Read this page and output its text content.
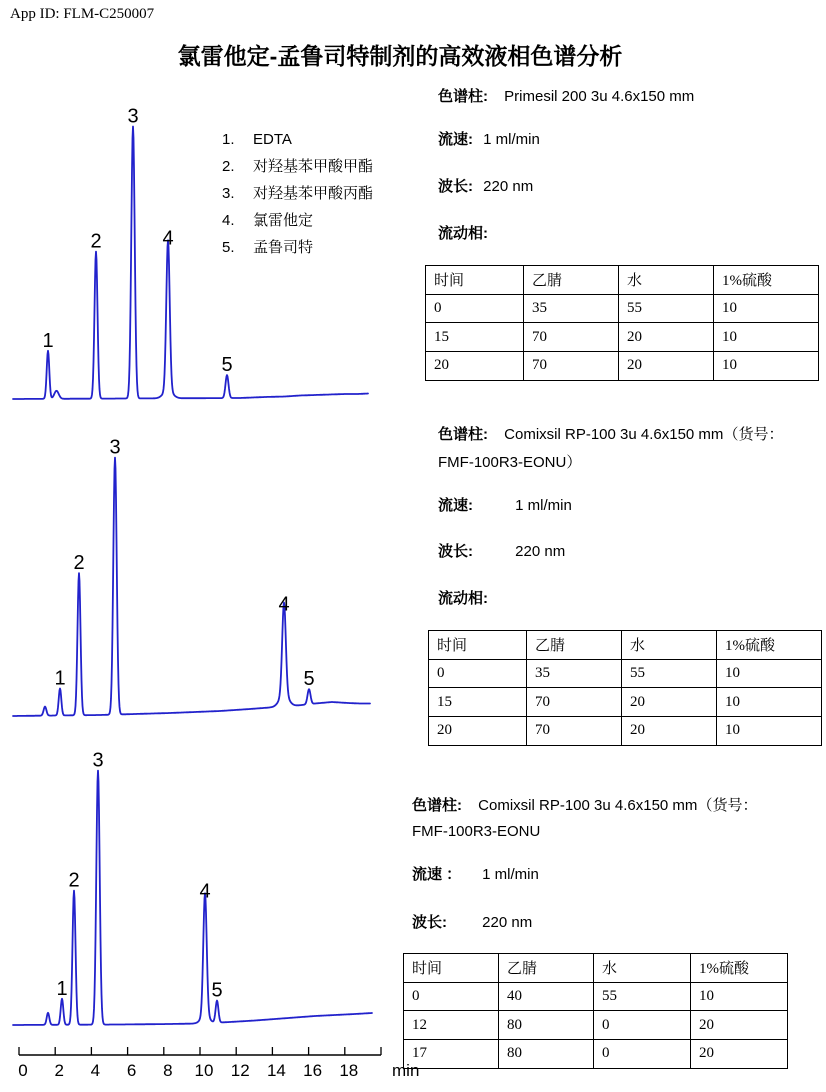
1
2
3
4
5
1
2
3
4
5
1
2
3
4
5
0 2 4 6 8 10 12 14 16 18 min
App ID: FLM-C250007
氯雷他定-孟鲁司特制剂的高效液相色谱分析
1. EDTA
2. 对羟基苯甲酸甲酯
3. 对羟基苯甲酸丙酯
4. 氯雷他定
5. 孟鲁司特
色谱柱: Primesil 200 3u 4.6x150 mm
流速: 1 ml/min
波长: 220 nm
流动相:
时间	乙腈	水	1%硫酸
0	35	55	10
15	70	20	10
20	70	20	10
色谱柱: Comixsil RP-100 3u 4.6x150 mm（货号：
FMF-100R3-EONU）
流速:	1 ml/min
波长:	220 nm
流动相:
时间	乙腈	水	1%硫酸
0	35	55	10
15	70	20	10
20	70	20	10
色谱柱: Comixsil RP-100 3u 4.6x150 mm（货号：
FMF-100R3-EONU
流速 ： 1 ml/min
波长: 220 nm
时间	乙腈	水	1%硫酸
0	40	55	10
12	80	0	20
17	80	0	20
